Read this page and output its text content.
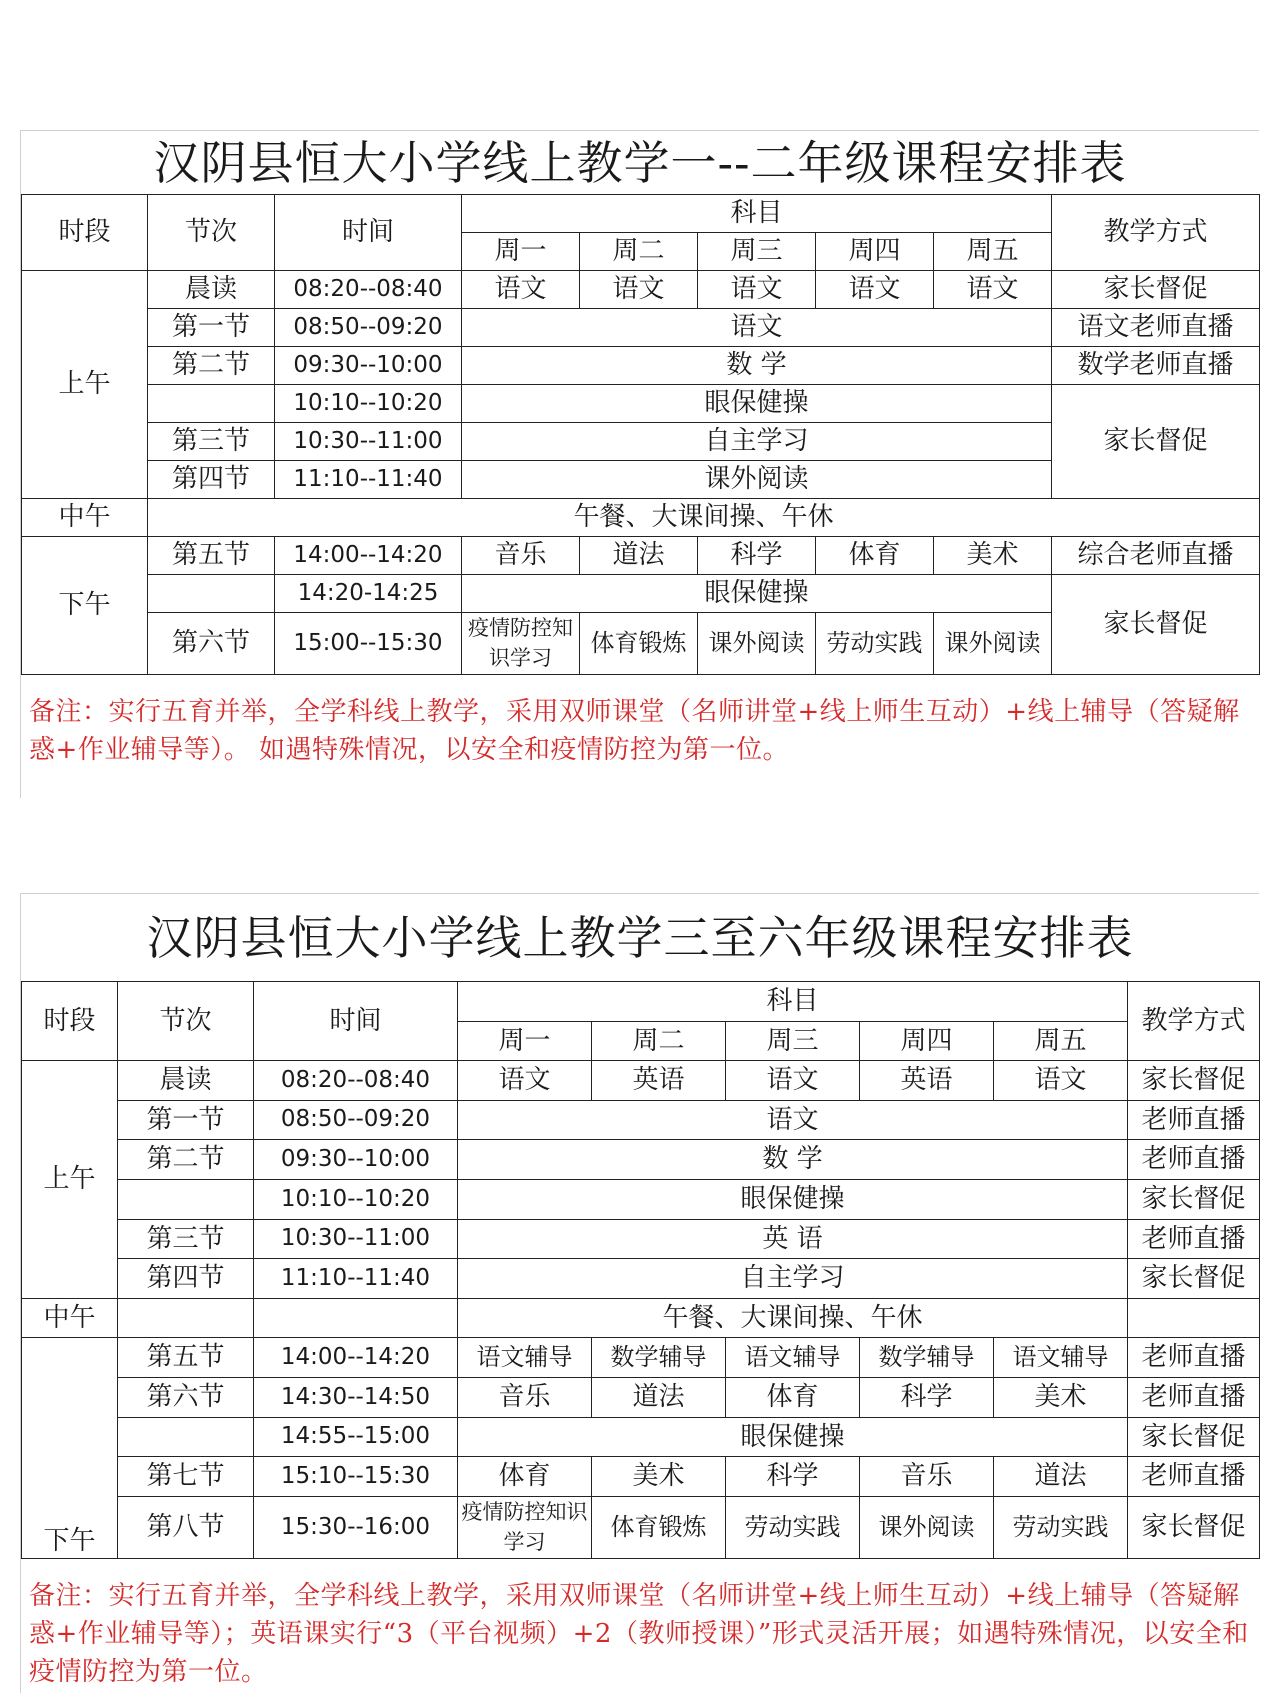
汉阴县恒大小学线上教学一--二年级课程安排表
时段	节次	时间	科目					教学方式
			周一	周二	周三	周四	周五	
上午	晨读	08:20--08:40	语文	语文	语文	语文	语文	家长督促
	第一节	08:50--09:20	语文					语文老师直播
	第二节	09:30--10:00	数 学					数学老师直播
		10:10--10:20	眼保健操					家长督促
	第三节	10:30--11:00	自主学习					
	第四节	11:10--11:40	课外阅读					
中午	午餐、大课间操、午休							
下午	第五节	14:00--14:20	音乐	道法	科学	体育	美术	综合老师直播
		14:20-14:25	眼保健操					家长督促
	第六节	15:00--15:30	疫情防控知识学习	体育锻炼	课外阅读	劳动实践	课外阅读	
备注：实行五育并举，全学科线上教学，采用双师课堂（名师讲堂+线上师生互动）+线上辅导（答疑解惑+作业辅导等）。 如遇特殊情况，以安全和疫情防控为第一位。
汉阴县恒大小学线上教学三至六年级课程安排表
时段	节次	时间	科目					教学方式
			周一	周二	周三	周四	周五	
上午	晨读	08:20--08:40	语文	英语	语文	英语	语文	家长督促
	第一节	08:50--09:20	语文					老师直播
	第二节	09:30--10:00	数 学					老师直播
		10:10--10:20	眼保健操					家长督促
	第三节	10:30--11:00	英 语					老师直播
	第四节	11:10--11:40	自主学习					家长督促
中午			午餐、大课间操、午休					
下午	第五节	14:00--14:20	语文辅导	数学辅导	语文辅导	数学辅导	语文辅导	老师直播
	第六节	14:30--14:50	音乐	道法	体育	科学	美术	老师直播
		14:55--15:00	眼保健操					家长督促
	第七节	15:10--15:30	体育	美术	科学	音乐	道法	老师直播
	第八节	15:30--16:00	疫情防控知识学习	体育锻炼	劳动实践	课外阅读	劳动实践	家长督促
备注：实行五育并举，全学科线上教学，采用双师课堂（名师讲堂+线上师生互动）+线上辅导（答疑解惑+作业辅导等）；英语课实行“3（平台视频）+2（教师授课）”形式灵活开展；如遇特殊情况，以安全和疫情防控为第一位。
